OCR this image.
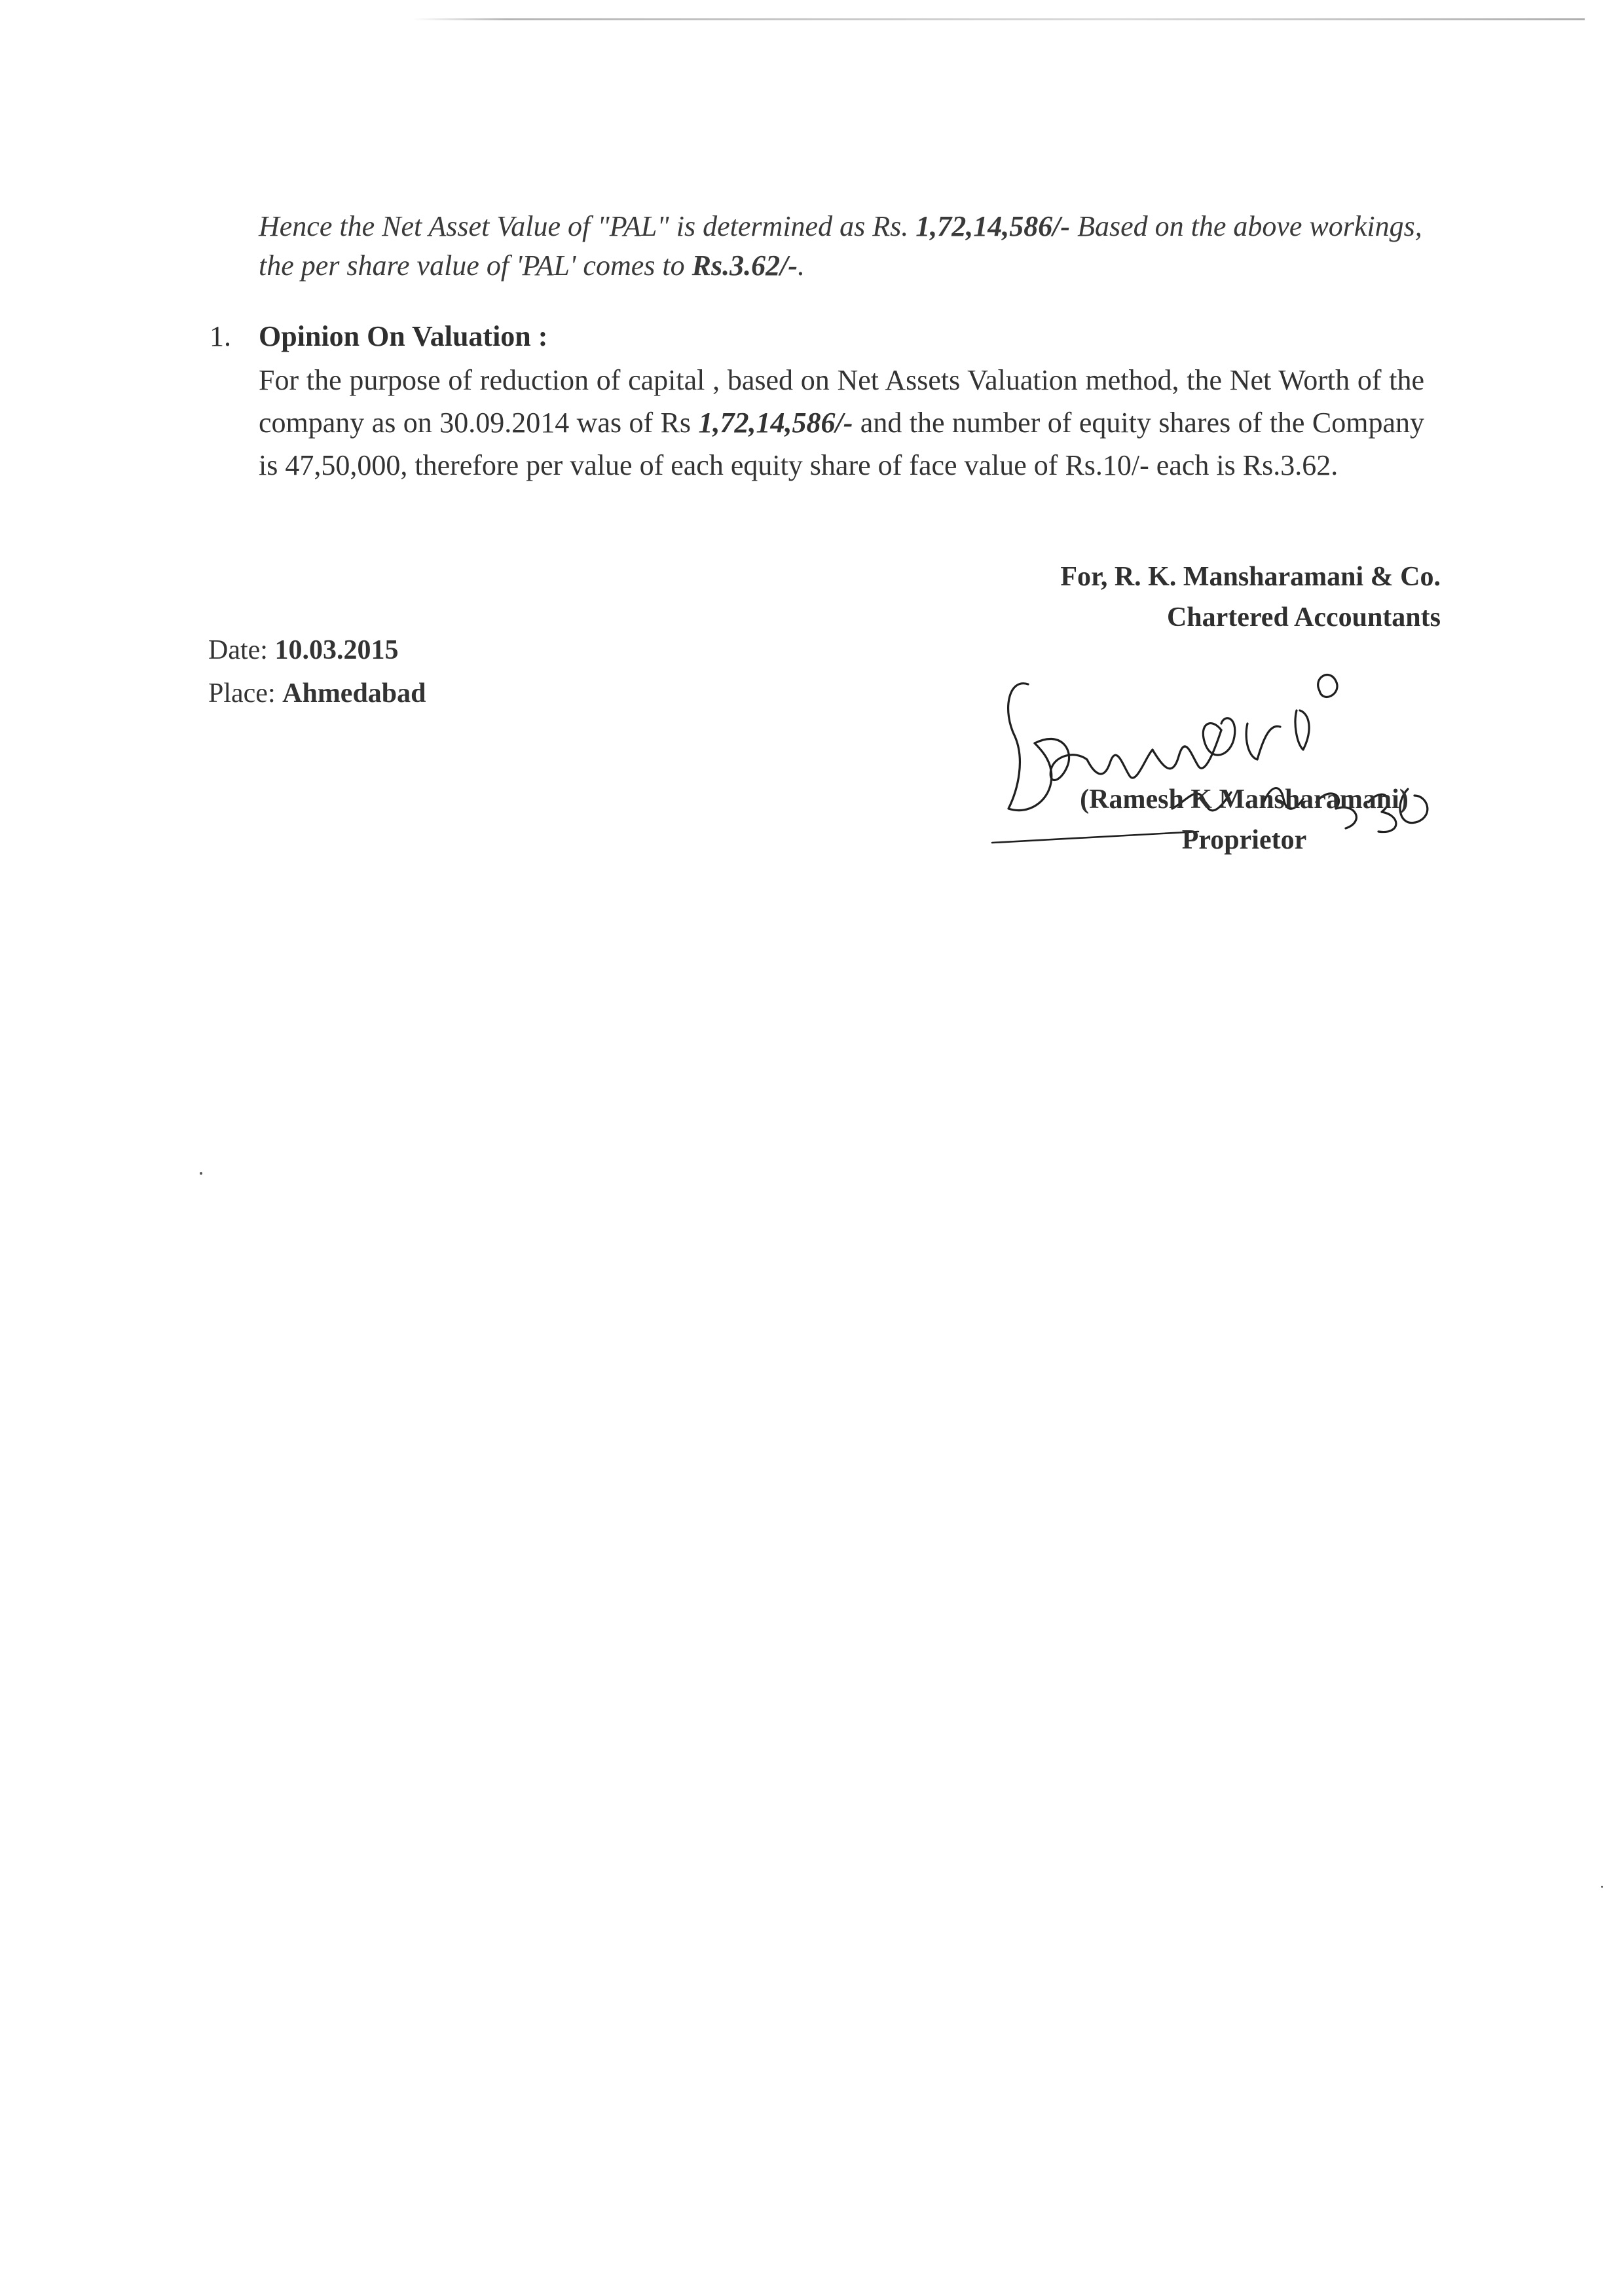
Hence the Net Asset Value of "PAL" is determined as Rs. 1,72,14,586/- Based on the above workings, the per share value of 'PAL' comes to Rs.3.62/-.

1. Opinion On Valuation :

For the purpose of reduction of capital , based on Net Assets Valuation method, the Net Worth of the company as on 30.09.2014 was of Rs 1,72,14,586/- and the number of equity shares of the Company is 47,50,000, therefore per value of each equity share of face value of Rs.10/- each is Rs.3.62.

For, R. K. Mansharamani & Co.
Chartered Accountants
Date: 10.03.2015
Place: Ahmedabad
(Ramesh K Mansharamani)
Proprietor
